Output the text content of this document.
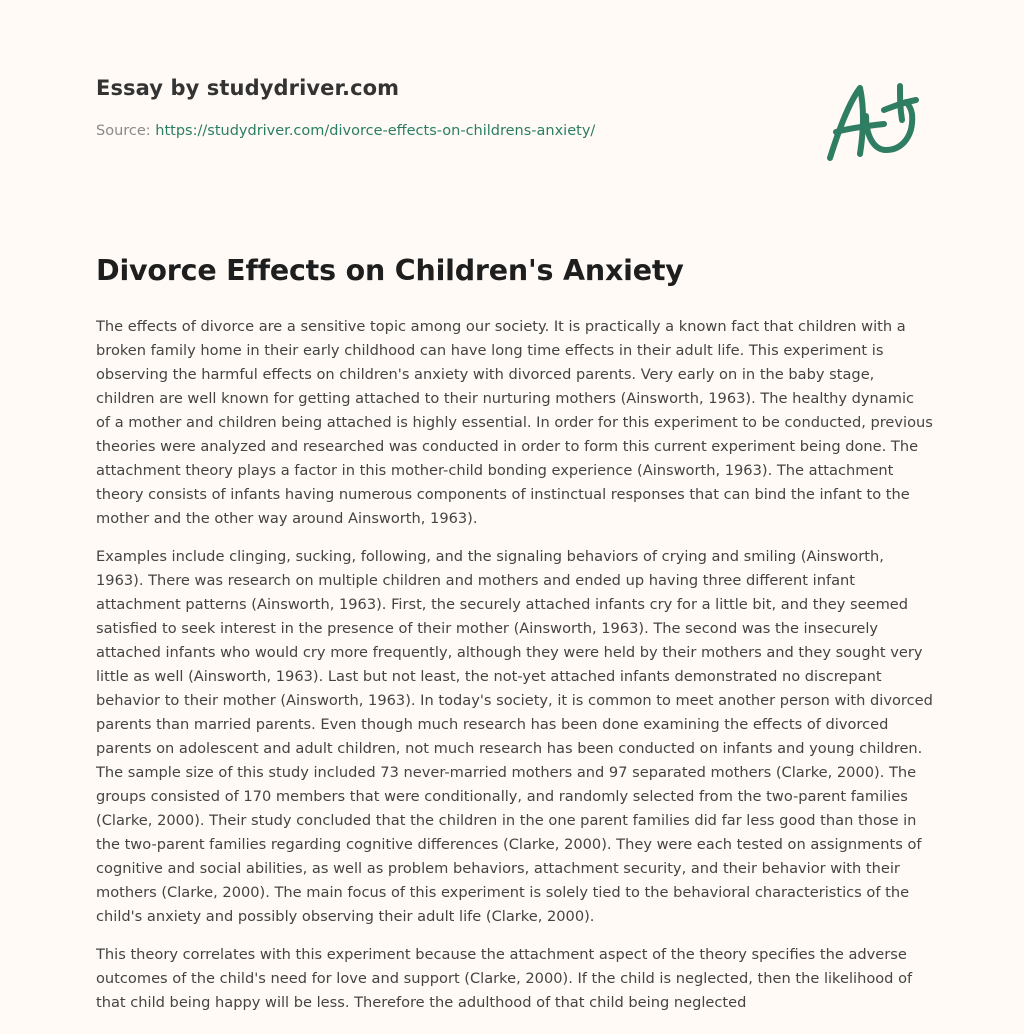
Essay by studydriver.com
Source: https://studydriver.com/divorce-effects-on-childrens-anxiety/
Divorce Effects on Children's Anxiety

The effects of divorce are a sensitive topic among our society. It is practically a known fact that children with a
broken family home in their early childhood can have long time effects in their adult life. This experiment is
observing the harmful effects on children's anxiety with divorced parents. Very early on in the baby stage,
children are well known for getting attached to their nurturing mothers (Ainsworth, 1963). The healthy dynamic
of a mother and children being attached is highly essential. In order for this experiment to be conducted, previous
theories were analyzed and researched was conducted in order to form this current experiment being done. The
attachment theory plays a factor in this mother-child bonding experience (Ainsworth, 1963). The attachment
theory consists of infants having numerous components of instinctual responses that can bind the infant to the
mother and the other way around Ainsworth, 1963).

Examples include clinging, sucking, following, and the signaling behaviors of crying and smiling (Ainsworth,
1963). There was research on multiple children and mothers and ended up having three different infant
attachment patterns (Ainsworth, 1963). First, the securely attached infants cry for a little bit, and they seemed
satisfied to seek interest in the presence of their mother (Ainsworth, 1963). The second was the insecurely
attached infants who would cry more frequently, although they were held by their mothers and they sought very
little as well (Ainsworth, 1963). Last but not least, the not-yet attached infants demonstrated no discrepant
behavior to their mother (Ainsworth, 1963). In today's society, it is common to meet another person with divorced
parents than married parents. Even though much research has been done examining the effects of divorced
parents on adolescent and adult children, not much research has been conducted on infants and young children.
The sample size of this study included 73 never-married mothers and 97 separated mothers (Clarke, 2000). The
groups consisted of 170 members that were conditionally, and randomly selected from the two-parent families
(Clarke, 2000). Their study concluded that the children in the one parent families did far less good than those in
the two-parent families regarding cognitive differences (Clarke, 2000). They were each tested on assignments of
cognitive and social abilities, as well as problem behaviors, attachment security, and their behavior with their
mothers (Clarke, 2000). The main focus of this experiment is solely tied to the behavioral characteristics of the
child's anxiety and possibly observing their adult life (Clarke, 2000).

This theory correlates with this experiment because the attachment aspect of the theory specifies the adverse
outcomes of the child's need for love and support (Clarke, 2000). If the child is neglected, then the likelihood of
that child being happy will be less. Therefore the adulthood of that child being neglected
